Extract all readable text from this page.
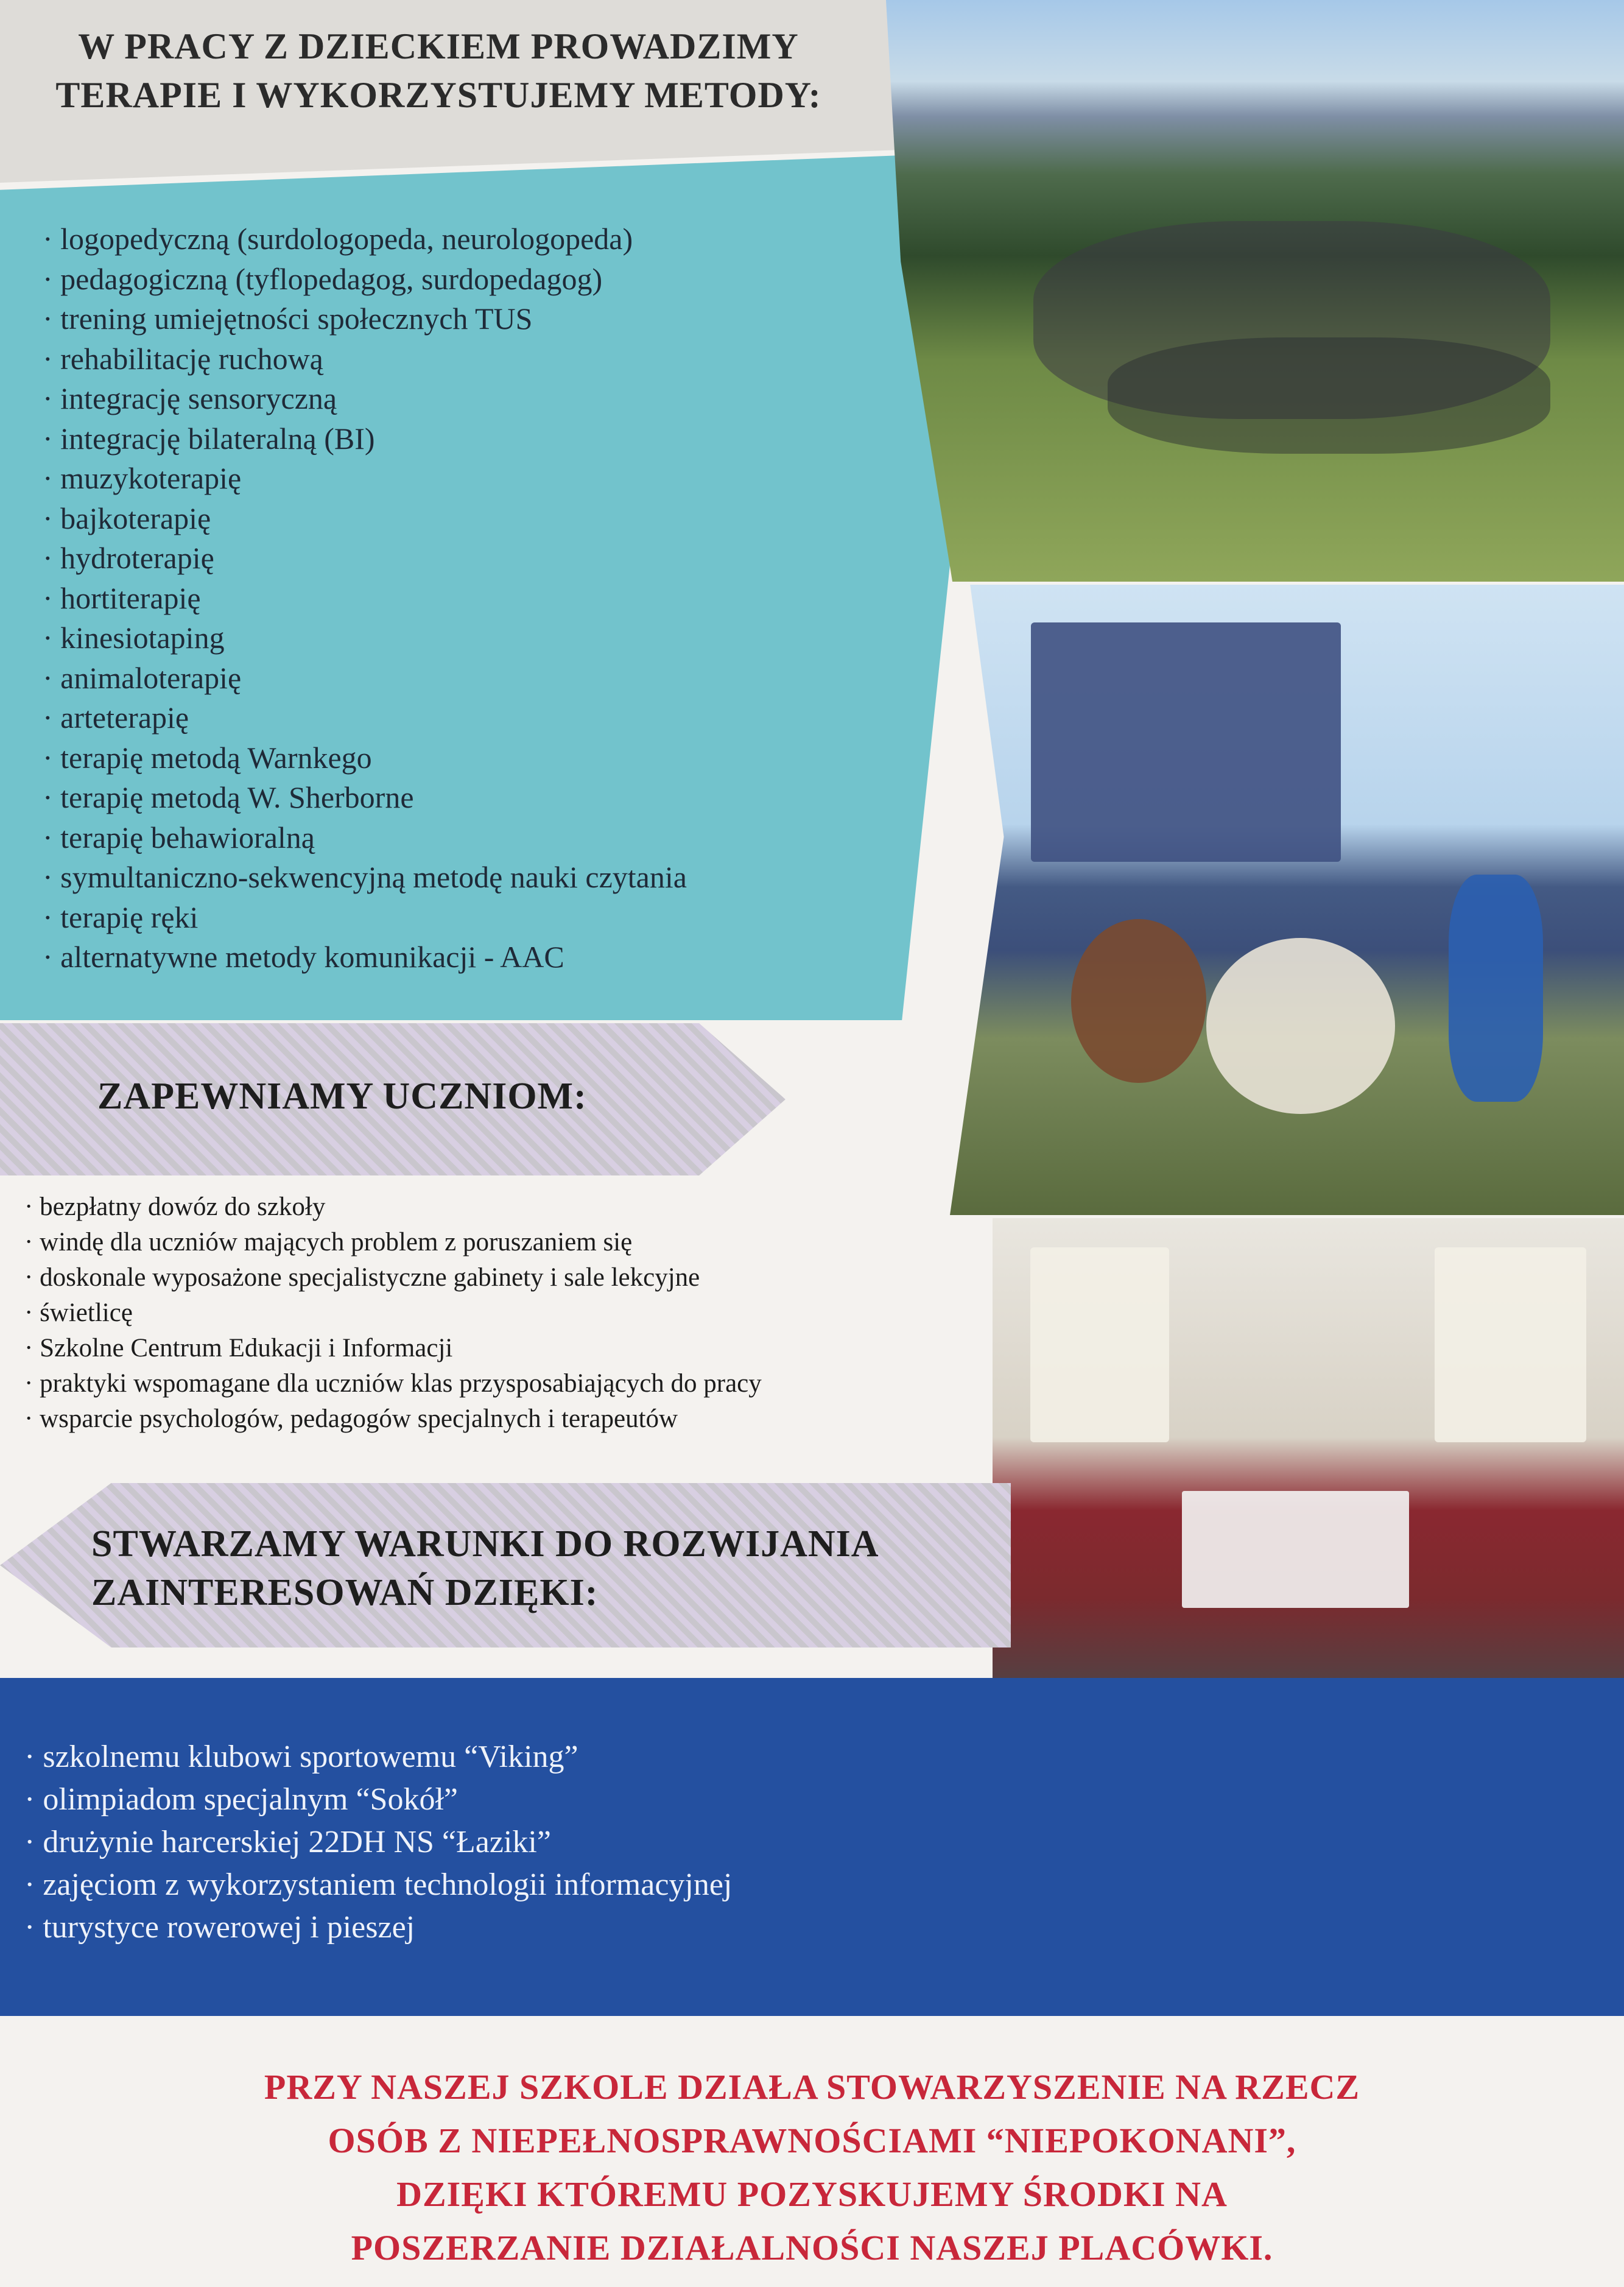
W PRACY Z DZIECKIEM PROWADZIMY
TERAPIE I WYKORZYSTUJEMY METODY:
· logopedyczną (surdologopeda, neurologopeda)
· pedagogiczną (tyflopedagog, surdopedagog)
· trening umiejętności społecznych TUS
· rehabilitację ruchową
· integrację sensoryczną
· integrację bilateralną (BI)
· muzykoterapię
· bajkoterapię
· hydroterapię
· hortiterapię
· kinesiotaping
· animaloterapię
· arteterapię
· terapię metodą Warnkego
· terapię metodą W. Sherborne
· terapię behawioralną
· symultaniczno-sekwencyjną metodę nauki czytania
· terapię ręki
· alternatywne metody komunikacji - AAC
ZAPEWNIAMY UCZNIOM:
· bezpłatny dowóz do szkoły
· windę dla uczniów mających problem z poruszaniem się
· doskonale wyposażone specjalistyczne gabinety i sale lekcyjne
· świetlicę
· Szkolne Centrum Edukacji i Informacji
· praktyki wspomagane dla uczniów klas przysposabiających do pracy
· wsparcie psychologów, pedagogów specjalnych i terapeutów
STWARZAMY WARUNKI DO ROZWIJANIA
ZAINTERESOWAŃ DZIĘKI:
· szkolnemu klubowi sportowemu “Viking”
· olimpiadom specjalnym “Sokół”
· drużynie harcerskiej 22DH NS “Łaziki”
· zajęciom z wykorzystaniem technologii informacyjnej
· turystyce rowerowej i pieszej
PRZY NASZEJ SZKOLE DZIAŁA STOWARZYSZENIE NA RZECZ
OSÓB Z NIEPEŁNOSPRAWNOŚCIAMI “NIEPOKONANI”,
DZIĘKI KTÓREMU POZYSKUJEMY ŚRODKI NA
POSZERZANIE DZIAŁALNOŚCI NASZEJ PLACÓWKI.
